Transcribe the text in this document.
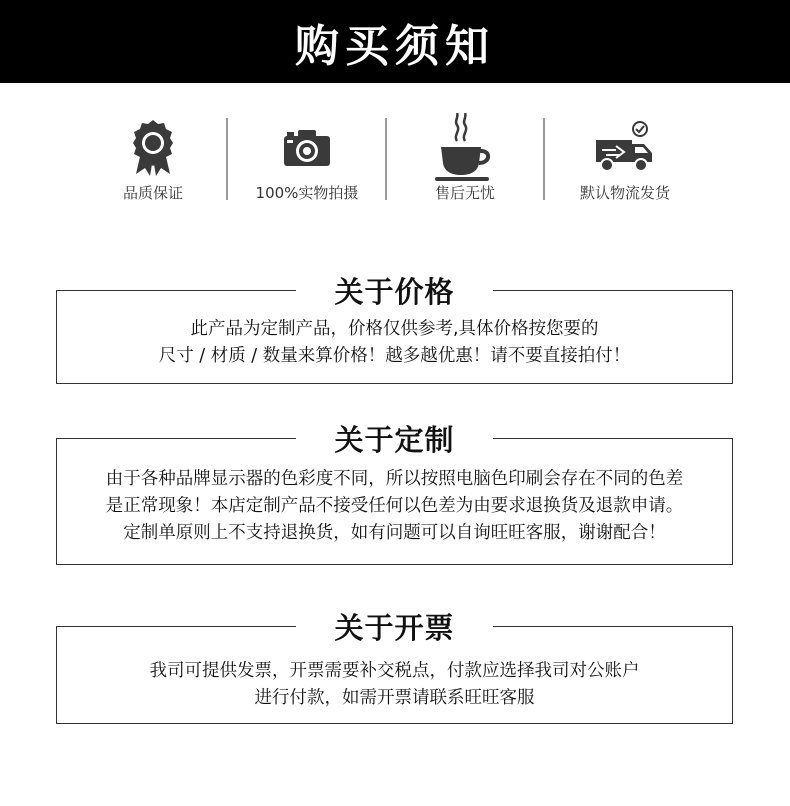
购买须知
品质保证	100%实物拍摄	售后无忧	默认物流发货
关于价格
此产品为定制产品，价格仅供参考,具体价格按您要的
尺寸 / 材质 / 数量来算价格！越多越优惠！请不要直接拍付！
关于定制
由于各种品牌显示器的色彩度不同，所以按照电脑色印刷会存在不同的色差
是正常现象！本店定制产品不接受任何以色差为由要求退换货及退款申请。
定制单原则上不支持退换货，如有问题可以自询旺旺客服，谢谢配合！
关于开票
我司可提供发票，开票需要补交税点，付款应选择我司对公账户
进行付款，如需开票请联系旺旺客服
